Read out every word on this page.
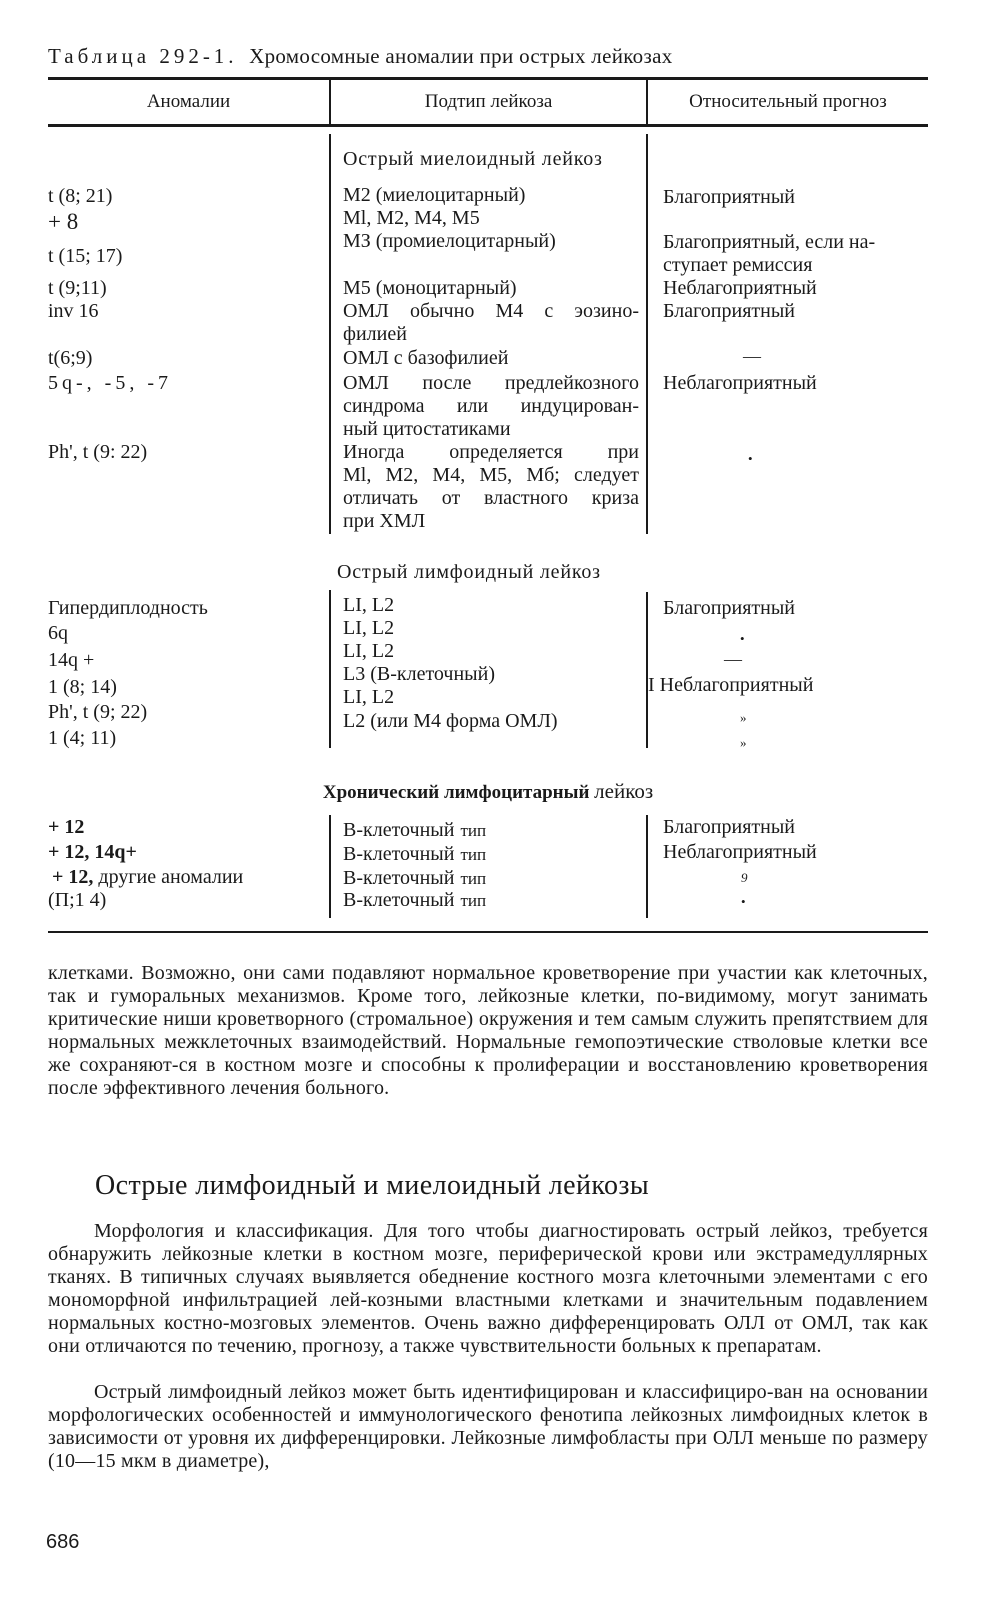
Таблица 292-1. Хромосомные аномалии при острых лейкозах
Аномалии	Подтип лейкоза	Относительный прогноз
Острый миелоидный лейкоз
t (8; 21)
+ 8
t (15; 17)
t (9;11)
inv 16
t(6;9)
5q-, -5, -7
Ph', t (9: 22)
М2 (миелоцитарный)
Ml, M2, M4, M5
МЗ (промиелоцитарный)
М5 (моноцитарный)
ОМЛ обычно М4 с эозино-
филией
ОМЛ с базофилией
ОМЛ после предлейкозного
синдрома или индуцирован-
ный цитостатиками
Иногда определяется при
Ml, M2, M4, M5, Мб; следует
отличать от властного криза
при ХМЛ
Благоприятный
Благоприятный, если на-
ступает ремиссия
Неблагоприятный
Благоприятный
—
Неблагоприятный
•
Острый лимфоидный лейкоз
Гипердиплодность
6q
14q +
1 (8; 14)
Ph', t (9; 22)
1 (4; 11)
LI, L2
LI, L2
LI, L2
L3 (В-клеточный)
LI, L2
L2 (или М4 форма ОМЛ)
Благоприятный
•
—
I Неблагоприятный
»
»
Хронический лимфоцитарный лейкоз
+ 12
+ 12, 14q+
+ 12, другие аномалии
(П;1 4)
В-клеточный тип
В-клеточный тип
В-клеточный тип
В-клеточный тип
Благоприятный
Неблагоприятный
9
•

клетками. Возможно, они сами подавляют нормальное кроветворение при участии как клеточных, так и гуморальных механизмов. Кроме того, лейкозные клетки, по-видимому, могут занимать критические ниши кроветворного (стромальное) окружения и тем самым служить препятствием для нормальных межклеточных взаимодействий. Нормальные гемопоэтические стволовые клетки все же сохраняют-ся в костном мозге и способны к пролиферации и восстановлению кроветворения после эффективного лечения больного.

Острые лимфоидный и миелоидный лейкозы

Морфология и классификация. Для того чтобы диагностировать острый лейкоз, требуется обнаружить лейкозные клетки в костном мозге, периферической крови или экстрамедуллярных тканях. В типичных случаях выявляется обеднение костного мозга клеточными элементами с его мономорфной инфильтрацией лей-козными властными клетками и значительным подавлением нормальных костно-мозговых элементов. Очень важно дифференцировать ОЛЛ от ОМЛ, так как они отличаются по течению, прогнозу, а также чувствительности больных к препаратам.

Острый лимфоидный лейкоз может быть идентифицирован и классифициро-ван на основании морфологических особенностей и иммунологического фенотипа лейкозных лимфоидных клеток в зависимости от уровня их дифференцировки. Лейкозные лимфобласты при ОЛЛ меньше по размеру (10—15 мкм в диаметре),

686
